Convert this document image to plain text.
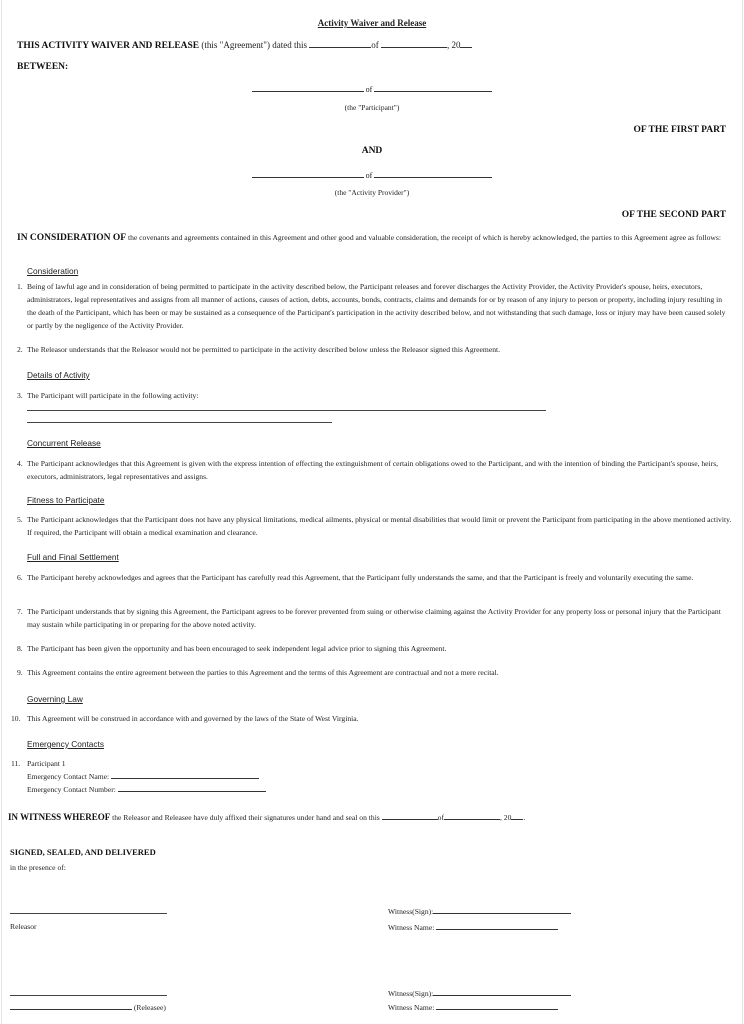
Activity Waiver and Release
THIS ACTIVITY WAIVER AND RELEASE (this "Agreement") dated this	of	, 20
BETWEEN:
of
(the "Participant")
OF THE FIRST PART
AND
of
(the "Activity Provider")
OF THE SECOND PART
IN CONSIDERATION OF the covenants and agreements contained in this Agreement and other good and valuable consideration, the receipt of which is hereby acknowledged, the parties to this Agreement agree as follows:
Consideration
1. Being of lawful age and in consideration of being permitted to participate in the activity described below, the Participant releases and forever discharges the Activity Provider, the Activity Provider's spouse, heirs, executors, administrators, legal representatives and assigns from all manner of actions, causes of action, debts, accounts, bonds, contracts, claims and demands for or by reason of any injury to person or property, including injury resulting in the death of the Participant, which has been or may be sustained as a consequence of the Participant's participation in the activity described below, and not withstanding that such damage, loss or injury may have been caused solely or partly by the negligence of the Activity Provider.
2. The Releasor understands that the Releasor would not be permitted to participate in the activity described below unless the Releasor signed this Agreement.
Details of Activity
3. The Participant will participate in the following activity:
Concurrent Release
4. The Participant acknowledges that this Agreement is given with the express intention of effecting the extinguishment of certain obligations owed to the Participant, and with the intention of binding the Participant's spouse, heirs, executors, administrators, legal representatives and assigns.
Fitness to Participate
5. The Participant acknowledges that the Participant does not have any physical limitations, medical ailments, physical or mental disabilities that would limit or prevent the Participant from participating in the above mentioned activity. If required, the Participant will obtain a medical examination and clearance.
Full and Final Settlement
6. The Participant hereby acknowledges and agrees that the Participant has carefully read this Agreement, that the Participant fully understands the same, and that the Participant is freely and voluntarily executing the same.
7. The Participant understands that by signing this Agreement, the Participant agrees to be forever prevented from suing or otherwise claiming against the Activity Provider for any property loss or personal injury that the Participant may sustain while participating in or preparing for the above noted activity.
8. The Participant has been given the opportunity and has been encouraged to seek independent legal advice prior to signing this Agreement.
9. This Agreement contains the entire agreement between the parties to this Agreement and the terms of this Agreement are contractual and not a mere recital.
Governing Law
10. This Agreement will be construed in accordance with and governed by the laws of the State of West Virginia.
Emergency Contacts
11. Participant 1
Emergency Contact Name:
Emergency Contact Number:
IN WITNESS WHEREOF the Releasor and Releasee have duly affixed their signatures under hand and seal on this	of	, 20 .
SIGNED, SEALED, AND DELIVERED
in the presence of:
Releasor
Witness(Sign):
Witness Name:
(Releasee)
Witness(Sign):
Witness Name:
